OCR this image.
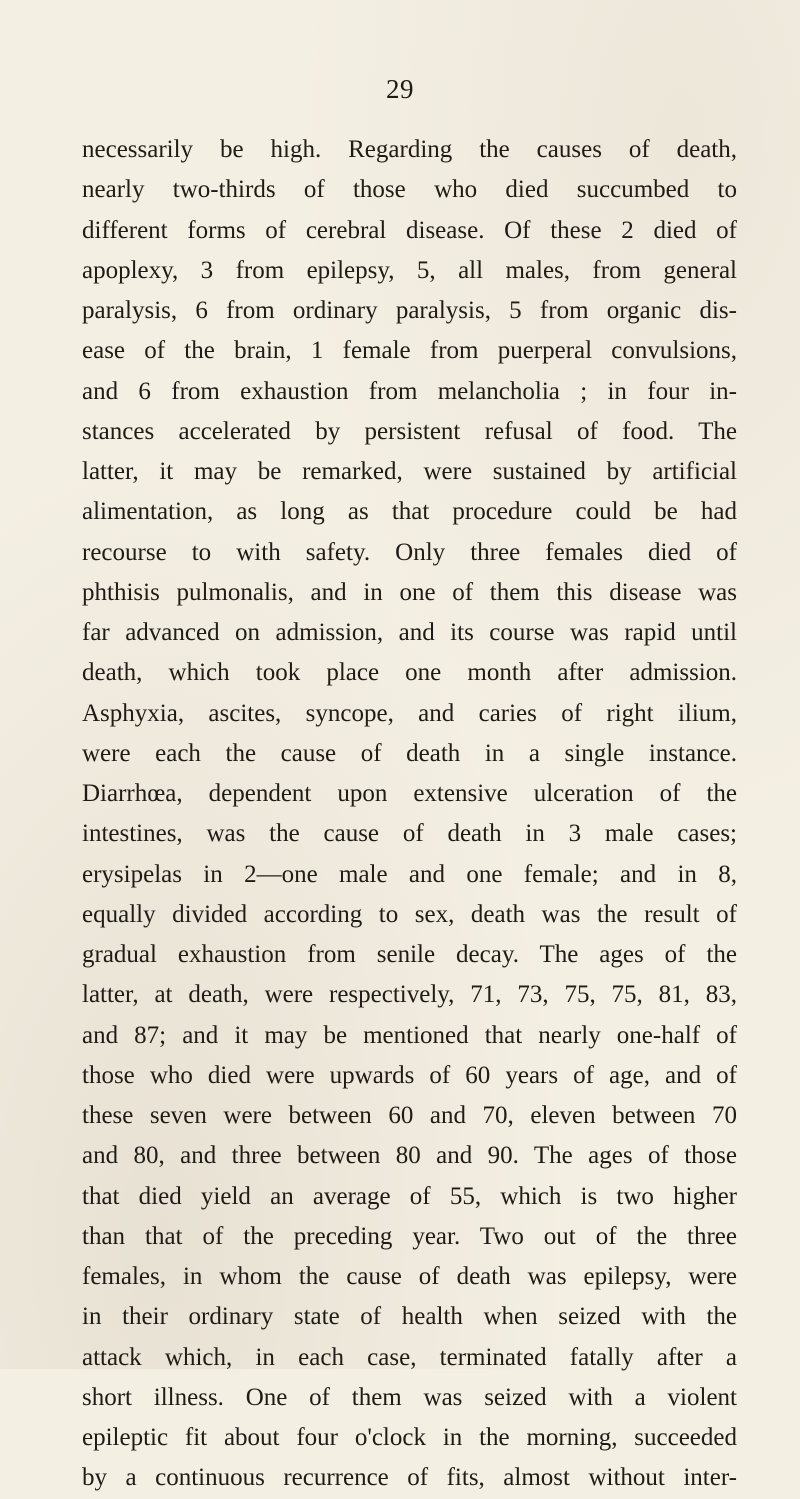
29
necessarily be high. Regarding the causes of death,
nearly two-thirds of those who died succumbed to
different forms of cerebral disease. Of these 2 died of
apoplexy, 3 from epilepsy, 5, all males, from general
paralysis, 6 from ordinary paralysis, 5 from organic dis-
ease of the brain, 1 female from puerperal convulsions,
and 6 from exhaustion from melancholia ; in four in-
stances accelerated by persistent refusal of food. The
latter, it may be remarked, were sustained by artificial
alimentation, as long as that procedure could be had
recourse to with safety. Only three females died of
phthisis pulmonalis, and in one of them this disease was
far advanced on admission, and its course was rapid until
death, which took place one month after admission.
Asphyxia, ascites, syncope, and caries of right ilium,
were each the cause of death in a single instance.
Diarrhœa, dependent upon extensive ulceration of the
intestines, was the cause of death in 3 male cases;
erysipelas in 2—one male and one female; and in 8,
equally divided according to sex, death was the result of
gradual exhaustion from senile decay. The ages of the
latter, at death, were respectively, 71, 73, 75, 75, 81, 83,
and 87; and it may be mentioned that nearly one-half of
those who died were upwards of 60 years of age, and of
these seven were between 60 and 70, eleven between 70
and 80, and three between 80 and 90. The ages of those
that died yield an average of 55, which is two higher
than that of the preceding year. Two out of the three
females, in whom the cause of death was epilepsy, were
in their ordinary state of health when seized with the
attack which, in each case, terminated fatally after a
short illness. One of them was seized with a violent
epileptic fit about four o'clock in the morning, succeeded
by a continuous recurrence of fits, almost without inter-
